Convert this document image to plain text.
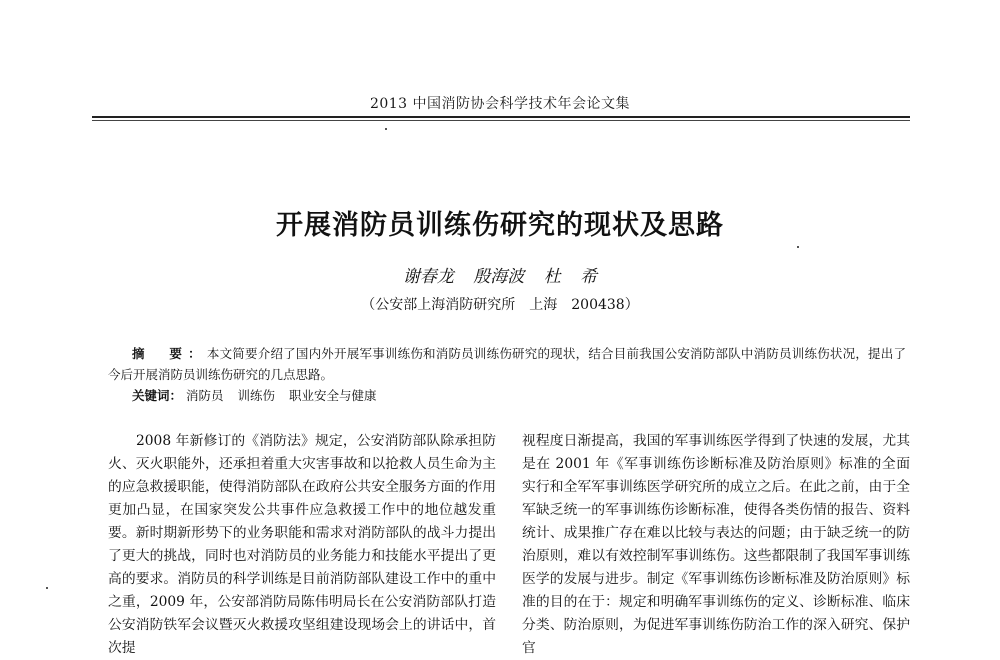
2013 中国消防协会科学技术年会论文集
开展消防员训练伤研究的现状及思路
谢春龙 殷海波 杜 希
（公安部上海消防研究所　上海　200438）
摘　要：本文简要介绍了国内外开展军事训练伤和消防员训练伤研究的现状，结合目前我国公安消防部队中消防员训练伤状况，提出了今后开展消防员训练伤研究的几点思路。
关键词： 消防员 训练伤 职业安全与健康

2008 年新修订的《消防法》规定，公安消防部队除承担防火、灭火职能外，还承担着重大灾害事故和以抢救人员生命为主的应急救援职能，使得消防部队在政府公共安全服务方面的作用更加凸显，在国家突发公共事件应急救援工作中的地位越发重要。新时期新形势下的业务职能和需求对消防部队的战斗力提出了更大的挑战，同时也对消防员的业务能力和技能水平提出了更高的要求。消防员的科学训练是目前消防部队建设工作中的重中之重，2009 年，公安部消防局陈伟明局长在公安消防部队打造公安消防铁军会议暨灭火救援攻坚组建设现场会上的讲话中，首次提

视程度日渐提高，我国的军事训练医学得到了快速的发展，尤其是在 2001 年《军事训练伤诊断标准及防治原则》标准的全面实行和全军军事训练医学研究所的成立之后。在此之前，由于全军缺乏统一的军事训练伤诊断标准，使得各类伤情的报告、资料统计、成果推广存在难以比较与表达的问题；由于缺乏统一的防治原则，难以有效控制军事训练伤。这些都限制了我国军事训练医学的发展与进步。制定《军事训练伤诊断标准及防治原则》标准的目的在于：规定和明确军事训练伤的定义、诊断标准、临床分类、防治原则，为促进军事训练伤防治工作的深入研究、保护官
